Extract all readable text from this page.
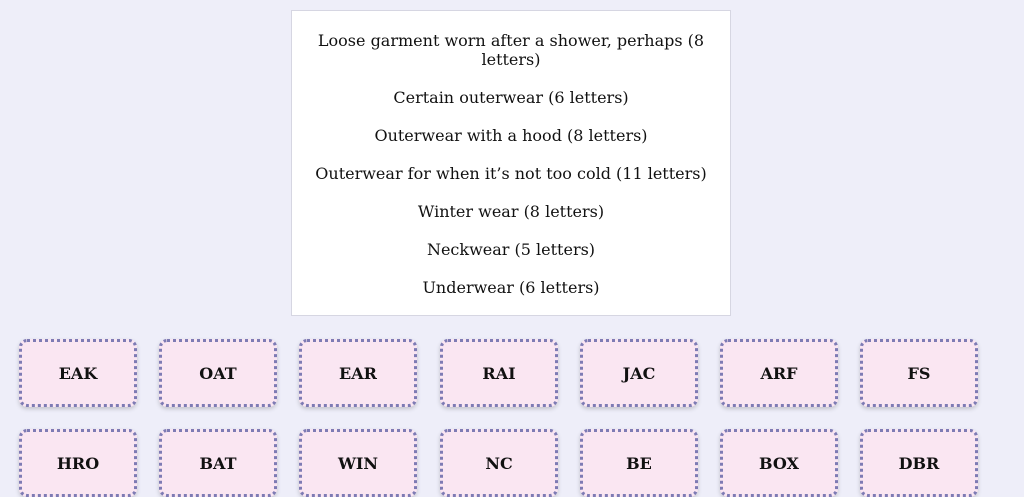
Loose garment worn after a shower, perhaps (8 letters)
Certain outerwear (6 letters)
Outerwear with a hood (8 letters)
Outerwear for when it’s not too cold (11 letters)
Winter wear (8 letters)
Neckwear (5 letters)
Underwear (6 letters)
EAK	OAT	EAR	RAI	JAC	ARF	FS
HRO	BAT	WIN	NC	BE	BOX	DBR
